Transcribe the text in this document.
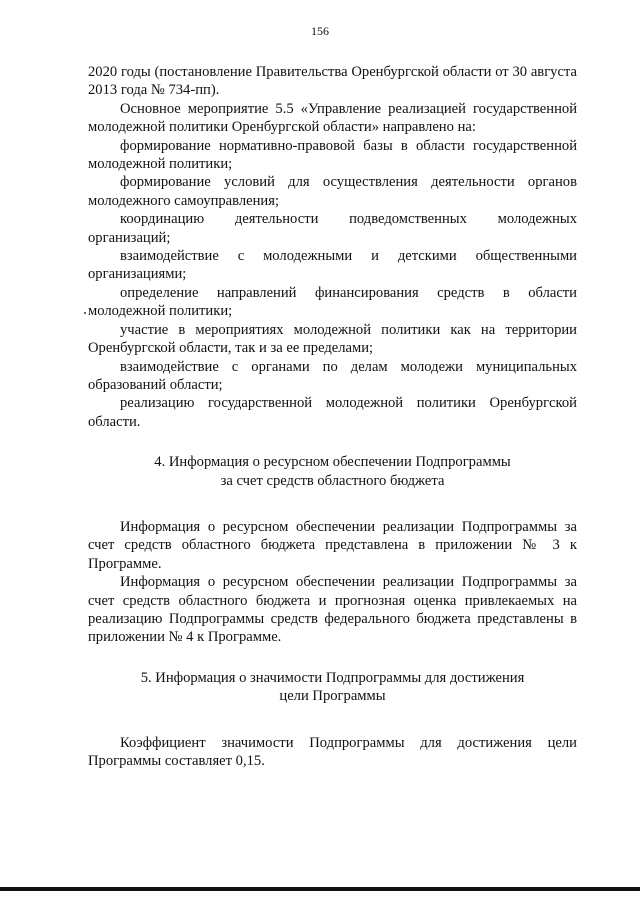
156

2020 годы (постановление Правительства Оренбургской области от 30 августа 2013 года № 734-пп).

Основное мероприятие 5.5 «Управление реализацией государственной молодежной политики Оренбургской области» направлено на:

формирование нормативно-правовой базы в области государственной молодежной политики;

формирование условий для осуществления деятельности органов молодежного самоуправления;

координацию деятельности подведомственных молодежных организаций;

взаимодействие с молодежными и детскими общественными организациями;

определение направлений финансирования средств в области молодежной политики;

участие в мероприятиях молодежной политики как на территории Оренбургской области, так и за ее пределами;

взаимодействие с органами по делам молодежи муниципальных образований области;

реализацию государственной молодежной политики Оренбургской области.

4. Информация о ресурсном обеспечении Подпрограммы
за счет средств областного бюджета

Информация о ресурсном обеспечении реализации Подпрограммы за счет средств областного бюджета представлена в приложении № 3 к Программе.

Информация о ресурсном обеспечении реализации Подпрограммы за счет средств областного бюджета и прогнозная оценка привлекаемых на реализацию Подпрограммы средств федерального бюджета представлены в приложении № 4 к Программе.

5. Информация о значимости Подпрограммы для достижения
цели Программы

Коэффициент значимости Подпрограммы для достижения цели Программы составляет 0,15.
